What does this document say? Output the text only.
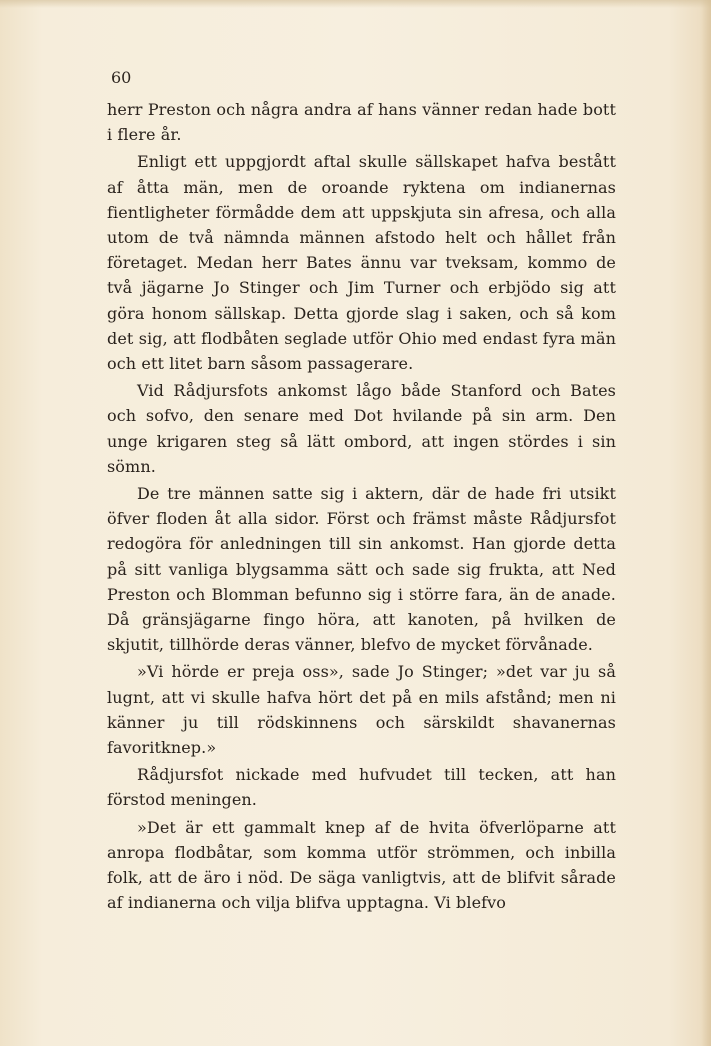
60

herr Preston och några andra af hans vänner redan hade bott i flere år.

Enligt ett uppgjordt aftal skulle sällskapet hafva bestått af åtta män, men de oroande ryktena om indianernas fientligheter förmådde dem att uppskjuta sin afresa, och alla utom de två nämnda männen afstodo helt och hållet från företaget. Medan herr Bates ännu var tveksam, kommo de två jägarne Jo Stinger och Jim Turner och erbjödo sig att göra honom sällskap. Detta gjorde slag i saken, och så kom det sig, att flodbåten seglade utför Ohio med endast fyra män och ett litet barn såsom passagerare.

Vid Rådjursfots ankomst lågo både Stanford och Bates och sofvo, den senare med Dot hvilande på sin arm. Den unge krigaren steg så lätt ombord, att ingen stördes i sin sömn.

De tre männen satte sig i aktern, där de hade fri utsikt öfver floden åt alla sidor. Först och främst måste Rådjursfot redogöra för anledningen till sin ankomst. Han gjorde detta på sitt vanliga blygsamma sätt och sade sig frukta, att Ned Preston och Blomman befunno sig i större fara, än de anade. Då gränsjägarne fingo höra, att kanoten, på hvilken de skjutit, tillhörde deras vänner, blefvo de mycket förvånade.

»Vi hörde er preja oss», sade Jo Stinger; »det var ju så lugnt, att vi skulle hafva hört det på en mils afstånd; men ni känner ju till rödskinnens och särskildt shavanernas favoritknep.»

Rådjursfot nickade med hufvudet till tecken, att han förstod meningen.

»Det är ett gammalt knep af de hvita öfverlöparne att anropa flodbåtar, som komma utför strömmen, och inbilla folk, att de äro i nöd. De säga vanligtvis, att de blifvit sårade af indianerna och vilja blifva upptagna. Vi blefvo
